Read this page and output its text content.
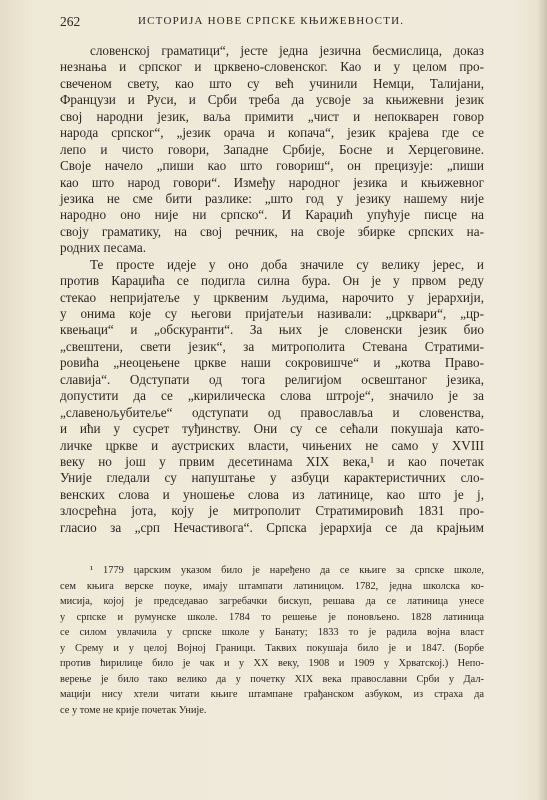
262	ИСТОРИЈА НОВЕ СРПСКЕ КЊИЖЕВНОСТИ.
словенској граматици“, јесте једна језична бесмислица, доказ
незнања и српског и црквено-словенског. Као и у целом про-
свеченом свету, као што су већ учинили Немци, Талијани,
Французи и Руси, и Срби треба да усвоје за књижевни језик
свој народни језик, ваља примити „чист и непокварен говор
народа српског“, „језик орача и копача“, језик крајева где се
лепо и чисто говори, Западне Србије, Босне и Херцеговине.
Своје начело „пиши као што говориш“, он прецизује: „пиши
као што народ говори“. Између народног језика и књижевног
језика не сме бити разлике: „што год у језику нашему није
народно оно није ни српско“. И Караџић упућује писце на
своју граматику, на свој речник, на своје збирке српских на-
родних песама.
Те просте идеје у оно доба значиле су велику јерес, и
против Караџића се подигла силна бура. Он је у првом реду
стекао непријатеље у црквеним људима, нарочито у јерархији,
у онима које су његови пријатељи називали: „црквари“, „цр-
квењаци“ и „обскуранти“. За њих је словенски језик био
„свештени, свети језик“, за митрополита Стевана Стратими-
ровића „неоцењене цркве наши сокровишче“ и „котва Право-
славија“. Одступати од тога религијом освештаног језика,
допустити да се „кирилическа слова штроје“, значило је за
„славенољубитеље“ одступати од православља и словенства,
и ићи у сусрет туђинству. Они су се сећали покушаја като-
личке цркве и аустриских власти, чињених не само у XVIII
веку но још у првим десетинама XIX века,¹ и као почетак
Уније гледали су напуштање у азбуци карактеристичних сло-
венских слова и уношење слова из латинице, као што је ј,
злосрећна јота, коју је митрополит Стратимировић 1831 про-
гласио за „срп Нечастивога“. Српска јерархија се да крајњим
¹ 1779 царским указом било је наређено да се књиге за српске школе,
сем књига верске поуке, имају штампати латиницом. 1782, једна школска ко-
мисија, којој је председавао загребачки бискуп, решава да се латиница унесе
у српске и румунске школе. 1784 то решење је поновљено. 1828 латиница
се силом увлачила у српске школе у Банату; 1833 то је радила војна власт
у Срему и у целој Војној Граници. Таквих покушаја било је и 1847. (Борбе
против ћирилице било је чак и у XX веку, 1908 и 1909 у Хрватској.) Непо-
верење је било тако велико да у почетку XIX века православни Срби у Дал-
мацији нису хтели читати књиге штампане грађанском азбуком, из страха да
се у томе не крије почетак Уније.
